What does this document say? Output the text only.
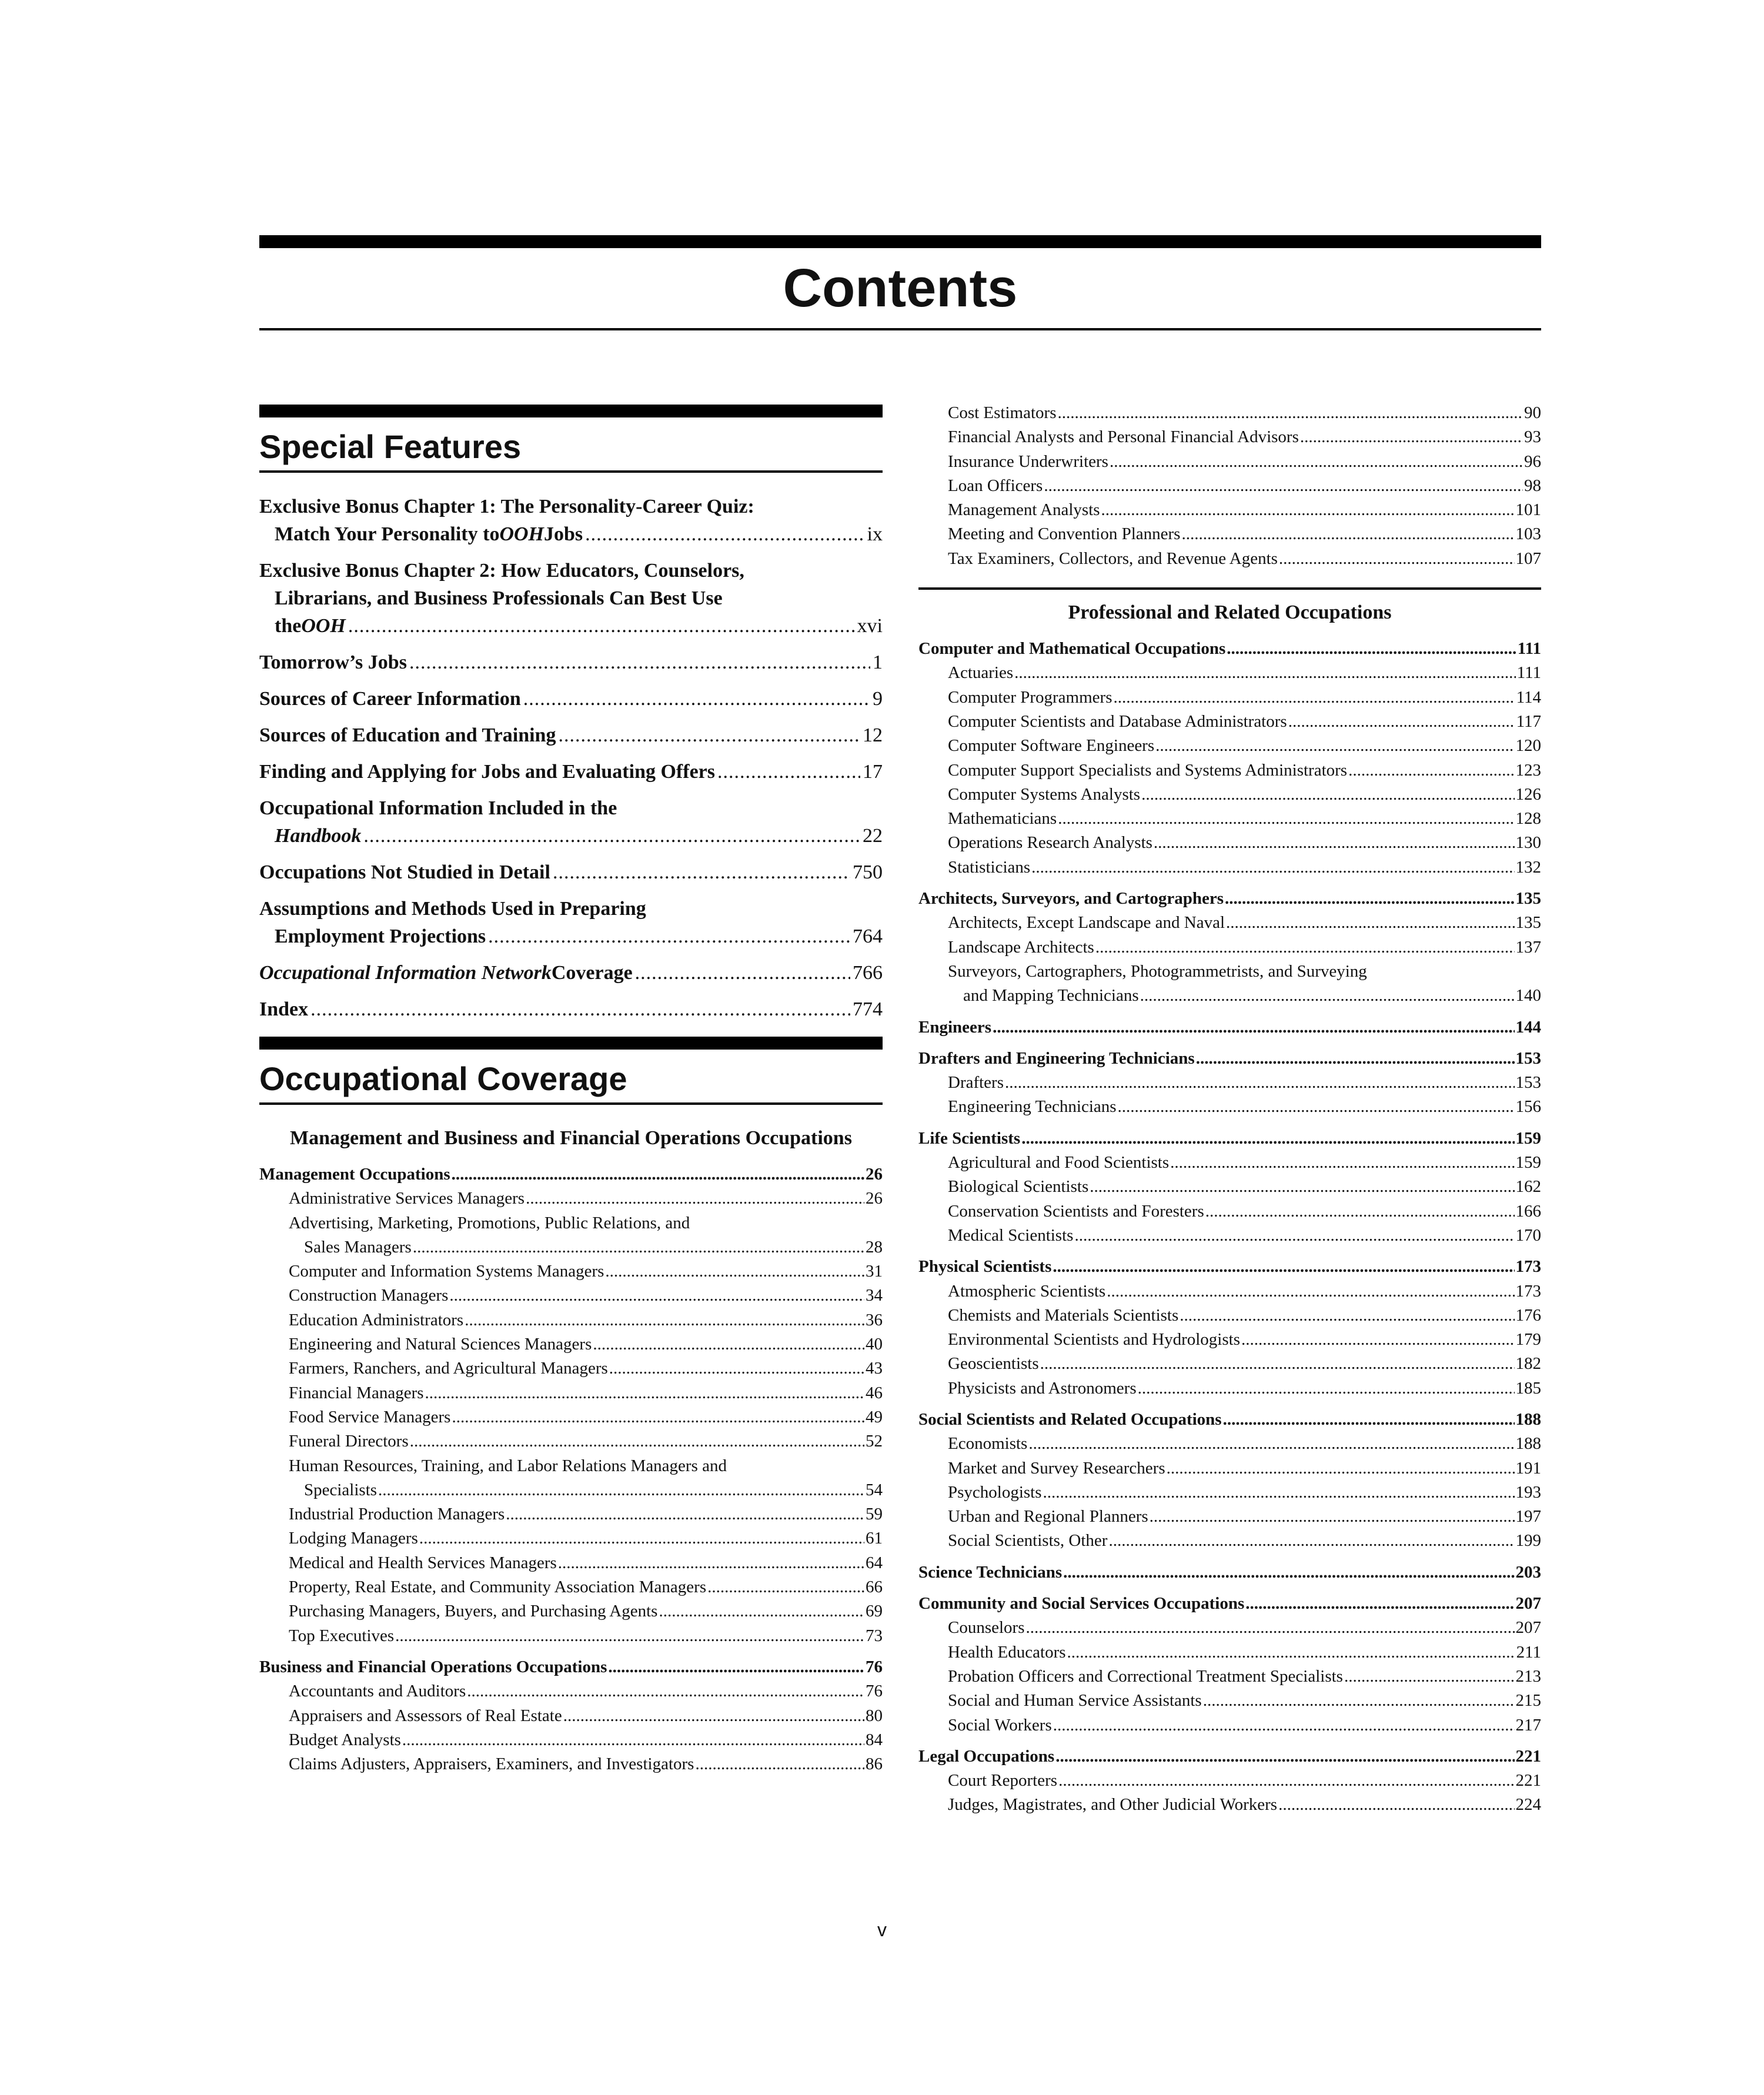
Contents
Special Features
Exclusive Bonus Chapter 1: The Personality-Career Quiz:
Match Your Personality to OOH Jobs .....	ix
Exclusive Bonus Chapter 2: How Educators, Counselors,
Librarians, and Business Professionals Can Best Use
the OOH .....	xvi
Tomorrow’s Jobs .....	1
Sources of Career Information .....	9
Sources of Education and Training .....	12
Finding and Applying for Jobs and Evaluating Offers .....	17
Occupational Information Included in the
Handbook .....	22
Occupations Not Studied in Detail .....	750
Assumptions and Methods Used in Preparing
Employment Projections .....	764
Occupational Information Network Coverage .....	766
Index .....	774
Occupational Coverage
Management and Business and Financial Operations Occupations
Management Occupations .....	26
Administrative Services Managers .....	26
Advertising, Marketing, Promotions, Public Relations, and
Sales Managers .....	28
Computer and Information Systems Managers .....	31
Construction Managers .....	34
Education Administrators .....	36
Engineering and Natural Sciences Managers .....	40
Farmers, Ranchers, and Agricultural Managers .....	43
Financial Managers .....	46
Food Service Managers .....	49
Funeral Directors .....	52
Human Resources, Training, and Labor Relations Managers and
Specialists .....	54
Industrial Production Managers .....	59
Lodging Managers .....	61
Medical and Health Services Managers .....	64
Property, Real Estate, and Community Association Managers .....	66
Purchasing Managers, Buyers, and Purchasing Agents .....	69
Top Executives .....	73
Business and Financial Operations Occupations .....	76
Accountants and Auditors .....	76
Appraisers and Assessors of Real Estate .....	80
Budget Analysts .....	84
Claims Adjusters, Appraisers, Examiners, and Investigators .....	86
Cost Estimators .....	90
Financial Analysts and Personal Financial Advisors .....	93
Insurance Underwriters .....	96
Loan Officers .....	98
Management Analysts .....	101
Meeting and Convention Planners .....	103
Tax Examiners, Collectors, and Revenue Agents .....	107
Professional and Related Occupations
Computer and Mathematical Occupations .....	111
Actuaries .....	111
Computer Programmers .....	114
Computer Scientists and Database Administrators .....	117
Computer Software Engineers .....	120
Computer Support Specialists and Systems Administrators .....	123
Computer Systems Analysts .....	126
Mathematicians .....	128
Operations Research Analysts .....	130
Statisticians .....	132
Architects, Surveyors, and Cartographers .....	135
Architects, Except Landscape and Naval .....	135
Landscape Architects .....	137
Surveyors, Cartographers, Photogrammetrists, and Surveying
and Mapping Technicians .....	140
Engineers .....	144
Drafters and Engineering Technicians .....	153
Drafters .....	153
Engineering Technicians .....	156
Life Scientists .....	159
Agricultural and Food Scientists .....	159
Biological Scientists .....	162
Conservation Scientists and Foresters .....	166
Medical Scientists .....	170
Physical Scientists .....	173
Atmospheric Scientists .....	173
Chemists and Materials Scientists .....	176
Environmental Scientists and Hydrologists .....	179
Geoscientists .....	182
Physicists and Astronomers .....	185
Social Scientists and Related Occupations .....	188
Economists .....	188
Market and Survey Researchers .....	191
Psychologists .....	193
Urban and Regional Planners .....	197
Social Scientists, Other .....	199
Science Technicians .....	203
Community and Social Services Occupations .....	207
Counselors .....	207
Health Educators .....	211
Probation Officers and Correctional Treatment Specialists .....	213
Social and Human Service Assistants .....	215
Social Workers .....	217
Legal Occupations .....	221
Court Reporters .....	221
Judges, Magistrates, and Other Judicial Workers .....	224
v
